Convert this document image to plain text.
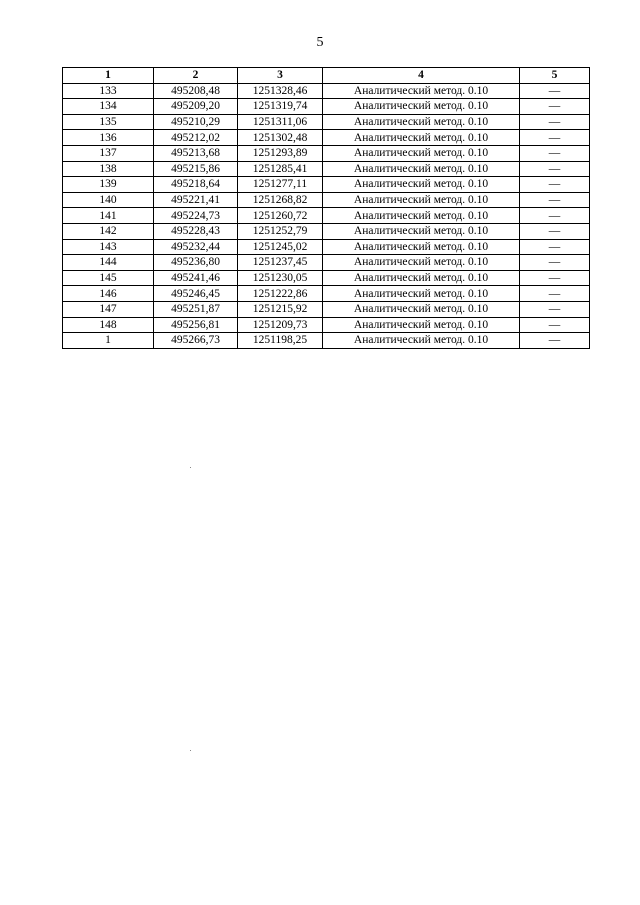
5
1	2	3	4	5
133	495208,48	1251328,46	Аналитический метод. 0.10	—
134	495209,20	1251319,74	Аналитический метод. 0.10	—
135	495210,29	1251311,06	Аналитический метод. 0.10	—
136	495212,02	1251302,48	Аналитический метод. 0.10	—
137	495213,68	1251293,89	Аналитический метод. 0.10	—
138	495215,86	1251285,41	Аналитический метод. 0.10	—
139	495218,64	1251277,11	Аналитический метод. 0.10	—
140	495221,41	1251268,82	Аналитический метод. 0.10	—
141	495224,73	1251260,72	Аналитический метод. 0.10	—
142	495228,43	1251252,79	Аналитический метод. 0.10	—
143	495232,44	1251245,02	Аналитический метод. 0.10	—
144	495236,80	1251237,45	Аналитический метод. 0.10	—
145	495241,46	1251230,05	Аналитический метод. 0.10	—
146	495246,45	1251222,86	Аналитический метод. 0.10	—
147	495251,87	1251215,92	Аналитический метод. 0.10	—
148	495256,81	1251209,73	Аналитический метод. 0.10	—
1	495266,73	1251198,25	Аналитический метод. 0.10	—
